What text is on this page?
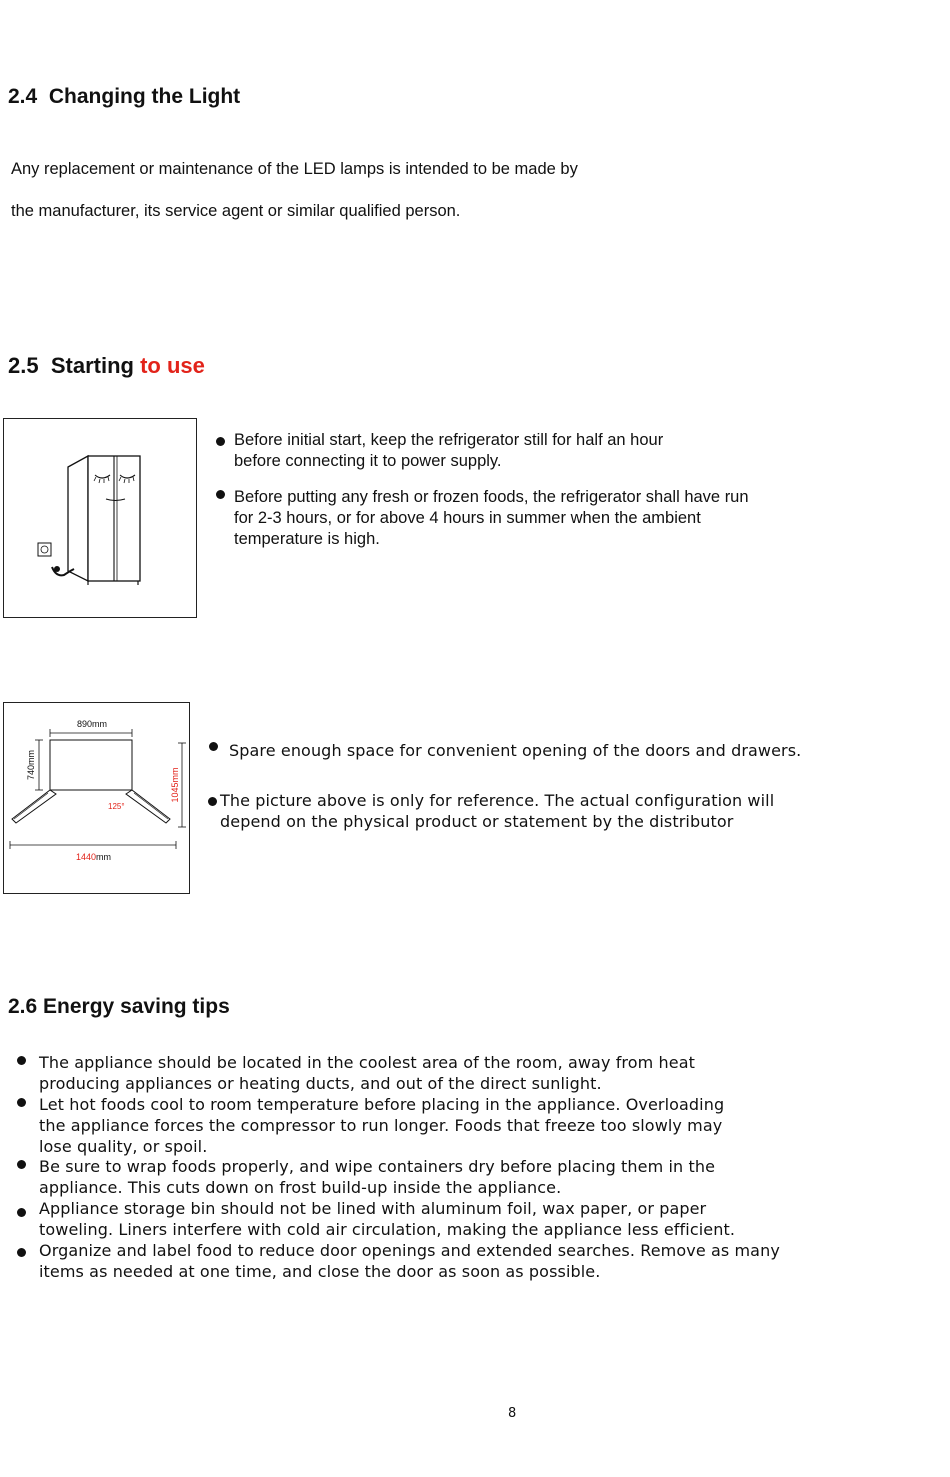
2.4 Changing the Light

Any replacement or maintenance of the LED lamps is intended to be made by

the manufacturer, its service agent or similar qualified person.

2.5 Starting to use
Before initial start, keep the refrigerator still for half an hour
before connecting it to power supply.
Before putting any fresh or frozen foods, the refrigerator shall have run
for 2-3 hours, or for above 4 hours in summer when the ambient
temperature is high.
890mm
740mm
125°
1045mm
1440mm
Spare enough space for convenient opening of the doors and drawers.
The picture above is only for reference. The actual configuration will
depend on the physical product or statement by the distributor
2.6 Energy saving tips
The appliance should be located in the coolest area of the room, away from heat
producing appliances or heating ducts, and out of the direct sunlight.
Let hot foods cool to room temperature before placing in the appliance. Overloading
the appliance forces the compressor to run longer. Foods that freeze too slowly may
lose quality, or spoil.
Be sure to wrap foods properly, and wipe containers dry before placing them in the
appliance. This cuts down on frost build-up inside the appliance.
Appliance storage bin should not be lined with aluminum foil, wax paper, or paper
toweling. Liners interfere with cold air circulation, making the appliance less efficient.
Organize and label food to reduce door openings and extended searches. Remove as many
items as needed at one time, and close the door as soon as possible.
8
